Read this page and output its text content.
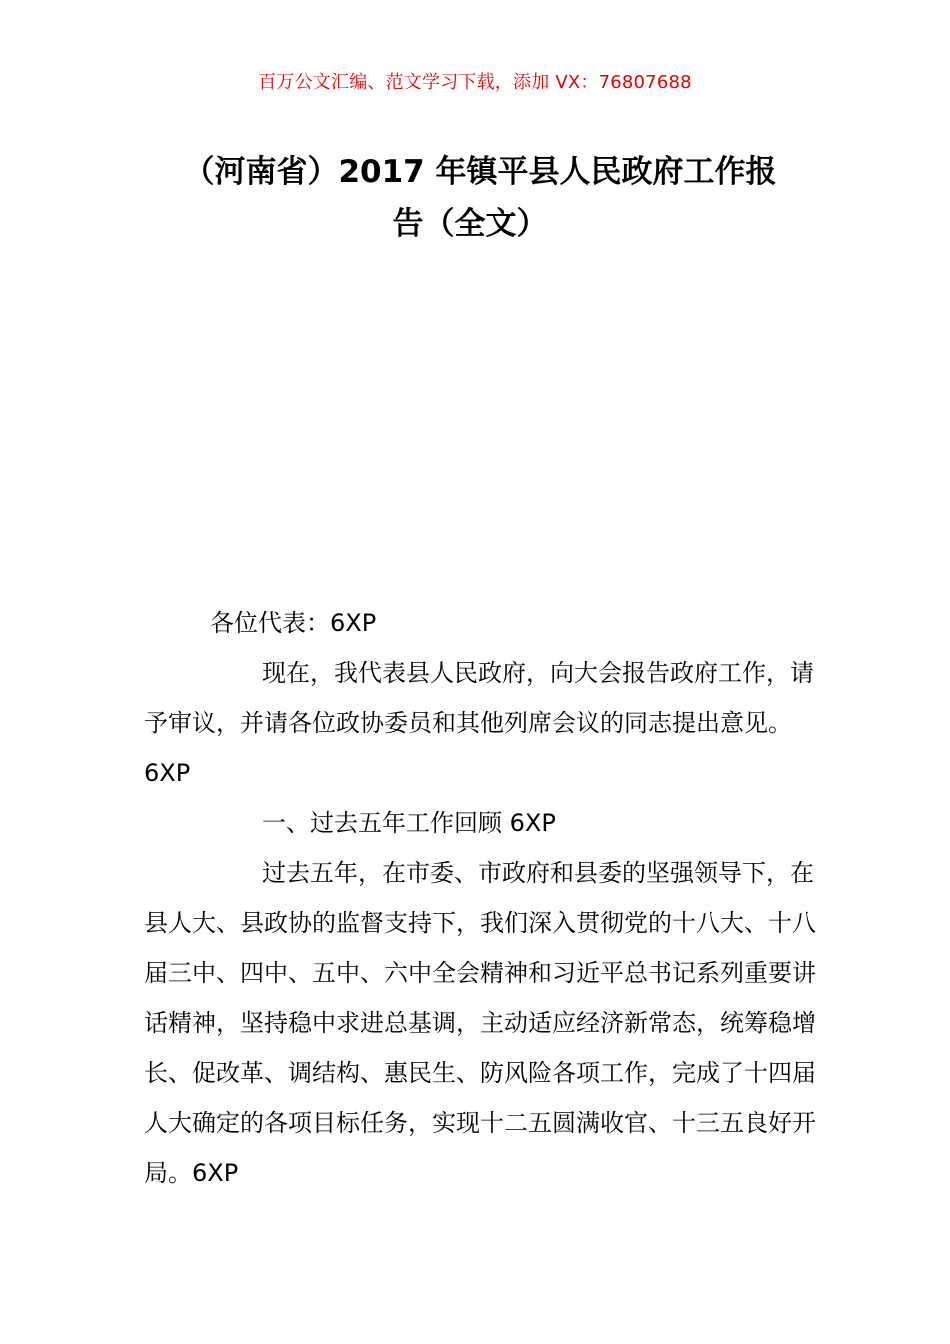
百万公文汇编、范文学习下载，添加 VX：76807688
（河南省）2017 年镇平县人民政府工作报
告（全文）

各位代表：6XP

现在，我代表县人民政府，向大会报告政府工作，请予审议，并请各位政协委员和其他列席会议的同志提出意见。6XP

一、过去五年工作回顾 6XP

过去五年，在市委、市政府和县委的坚强领导下，在县人大、县政协的监督支持下，我们深入贯彻党的十八大、十八届三中、四中、五中、六中全会精神和习近平总书记系列重要讲话精神，坚持稳中求进总基调，主动适应经济新常态，统筹稳增长、促改革、调结构、惠民生、防风险各项工作，完成了十四届人大确定的各项目标任务，实现十二五圆满收官、十三五良好开局。6XP
